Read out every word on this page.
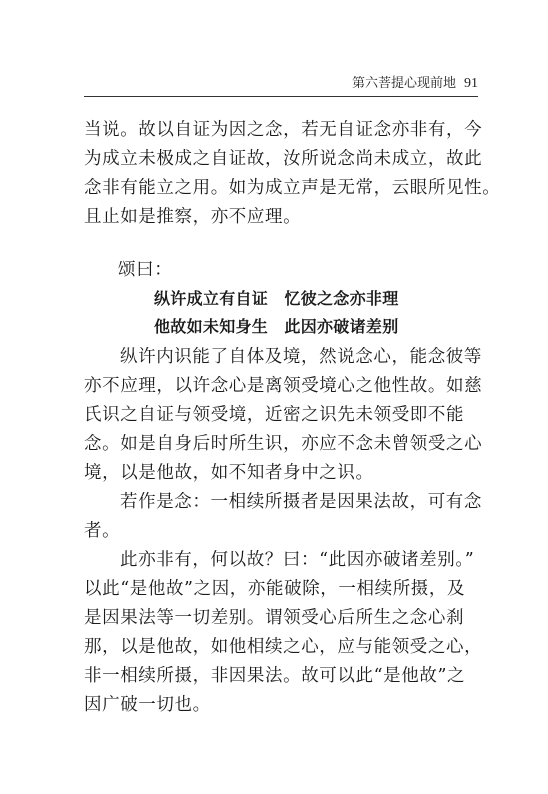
第六菩提心现前地 91
当说。故以自证为因之念，若无自证念亦非有，今
为成立未极成之自证故，汝所说念尚未成立，故此
念非有能立之用。如为成立声是无常，云眼所见性。
且止如是推察，亦不应理。
颂曰：
纵许成立有自证　忆彼之念亦非理
他故如未知身生　此因亦破诸差别
纵许内识能了自体及境，然说念心，能念彼等
亦不应理，以许念心是离领受境心之他性故。如慈
氏识之自证与领受境，近密之识先未领受即不能
念。如是自身后时所生识，亦应不念未曾领受之心
境，以是他故，如不知者身中之识。
若作是念：一相续所摄者是因果法故，可有念
者。
此亦非有，何以故？曰：“此因亦破诸差别。”
以此“是他故”之因，亦能破除，一相续所摄，及
是因果法等一切差别。谓领受心后所生之念心刹
那，以是他故，如他相续之心，应与能领受之心，
非一相续所摄，非因果法。故可以此“是他故”之
因广破一切也。
